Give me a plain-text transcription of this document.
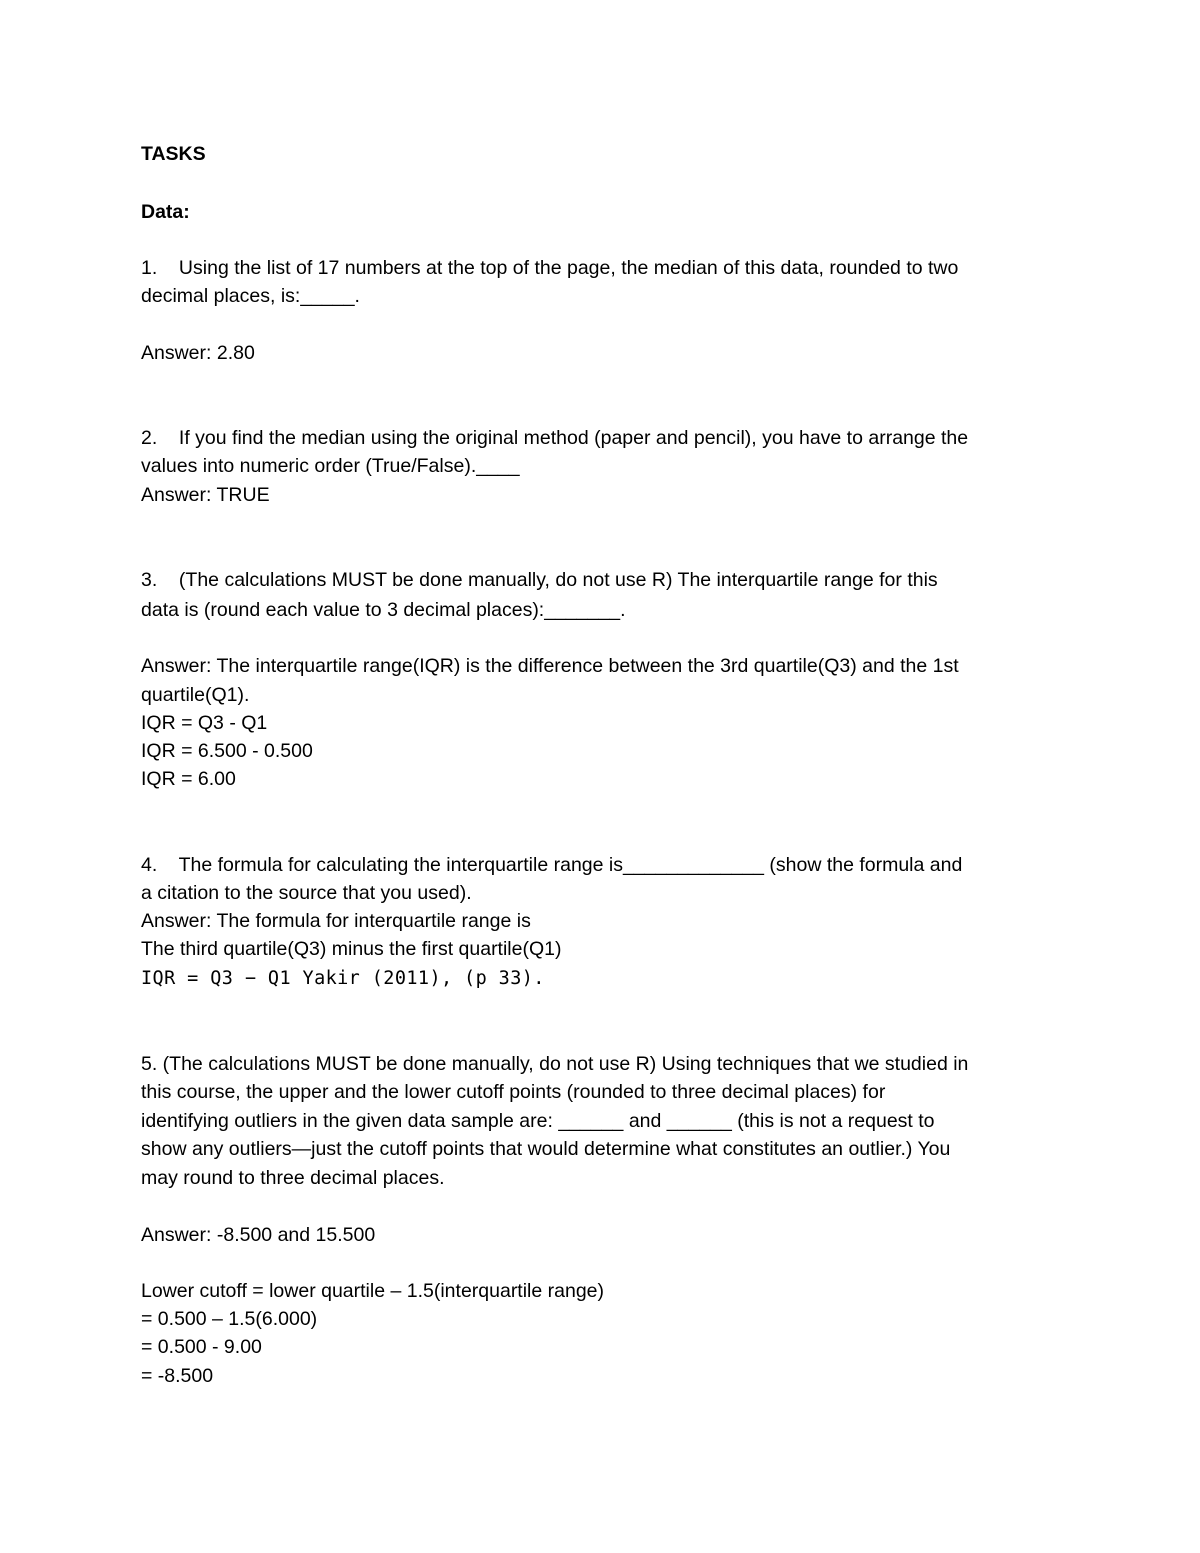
TASKS
Data:
1.    Using the list of 17 numbers at the top of the page, the median of this data, rounded to two
decimal places, is:_____.
Answer: 2.80
2.    If you find the median using the original method (paper and pencil), you have to arrange the
values into numeric order (True/False).____
Answer: TRUE
3.    (The calculations MUST be done manually, do not use R) The interquartile range for this
data is (round each value to 3 decimal places):_______.
Answer: The interquartile range(IQR) is the difference between the 3rd quartile(Q3) and the 1st
quartile(Q1).
IQR = Q3 - Q1
IQR = 6.500 - 0.500
IQR = 6.00
4.    The formula for calculating the interquartile range is_____________ (show the formula and
a citation to the source that you used).
Answer: The formula for interquartile range is
The third quartile(Q3) minus the first quartile(Q1)
IQR = Q3 − Q1 Yakir (2011), (p 33).
5. (The calculations MUST be done manually, do not use R) Using techniques that we studied in
this course, the upper and the lower cutoff points (rounded to three decimal places) for
identifying outliers in the given data sample are: ______ and ______ (this is not a request to
show any outliers—just the cutoff points that would determine what constitutes an outlier.) You
may round to three decimal places.
Answer: -8.500 and 15.500
Lower cutoff = lower quartile – 1.5(interquartile range)
= 0.500 – 1.5(6.000)
= 0.500 - 9.00
= -8.500
